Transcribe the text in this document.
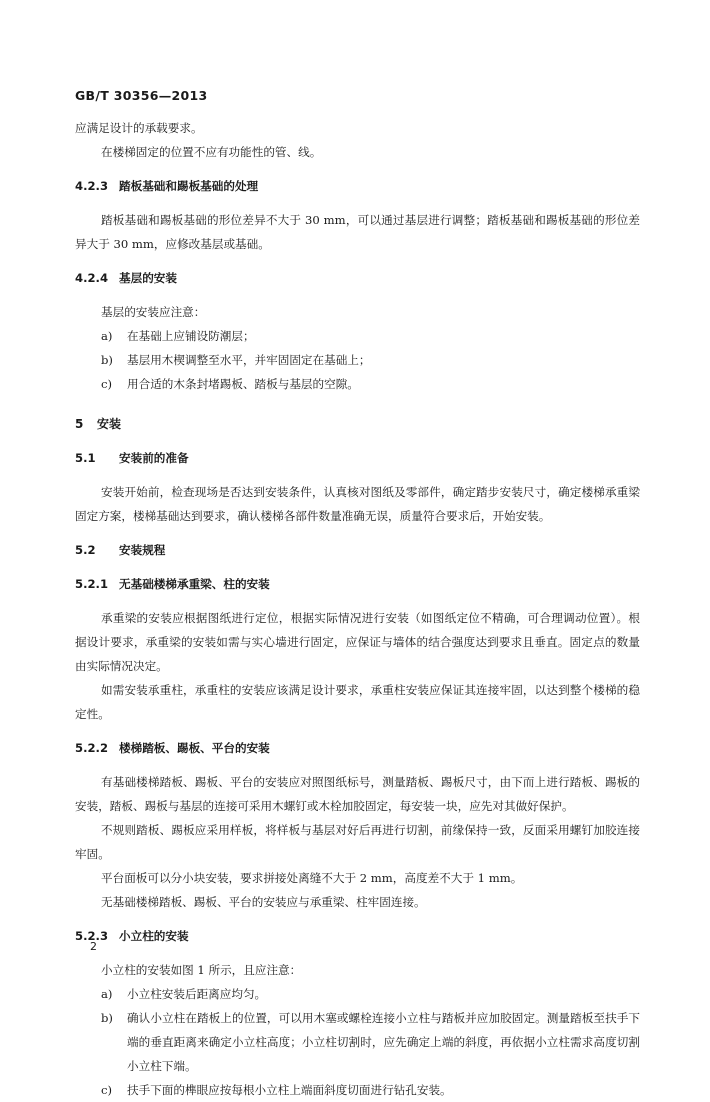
GB/T 30356—2013

应满足设计的承载要求。

在楼梯固定的位置不应有功能性的管、线。

4.2.3 踏板基础和踢板基础的处理

踏板基础和踢板基础的形位差异不大于 30 mm，可以通过基层进行调整；踏板基础和踢板基础的形位差异大于 30 mm，应修改基层或基础。

4.2.4 基层的安装

基层的安装应注意：

a)	在基础上应铺设防潮层；
b)	基层用木楔调整至水平，并牢固固定在基础上；
c)	用合适的木条封堵踢板、踏板与基层的空隙。
5	安装
5.1	安装前的准备

安装开始前，检查现场是否达到安装条件，认真核对图纸及零部件，确定踏步安装尺寸，确定楼梯承重梁固定方案，楼梯基础达到要求，确认楼梯各部件数量准确无误，质量符合要求后，开始安装。

5.2	安装规程
5.2.1 无基础楼梯承重梁、柱的安装

承重梁的安装应根据图纸进行定位，根据实际情况进行安装（如图纸定位不精确，可合理调动位置）。根据设计要求，承重梁的安装如需与实心墙进行固定，应保证与墙体的结合强度达到要求且垂直。固定点的数量由实际情况决定。

如需安装承重柱，承重柱的安装应该满足设计要求，承重柱安装应保证其连接牢固，以达到整个楼梯的稳定性。

5.2.2 楼梯踏板、踢板、平台的安装

有基础楼梯踏板、踢板、平台的安装应对照图纸标号，测量踏板、踢板尺寸，由下而上进行踏板、踢板的安装，踏板、踢板与基层的连接可采用木螺钉或木栓加胶固定，每安装一块，应先对其做好保护。

不规则踏板、踢板应采用样板，将样板与基层对好后再进行切割，前缘保持一致，反面采用螺钉加胶连接牢固。

平台面板可以分小块安装，要求拼接处离缝不大于 2 mm，高度差不大于 1 mm。

无基础楼梯踏板、踢板、平台的安装应与承重梁、柱牢固连接。

5.2.3 小立柱的安装

小立柱的安装如图 1 所示，且应注意：

a)	小立柱安装后距离应均匀。
b)	确认小立柱在踏板上的位置，可以用木塞或螺栓连接小立柱与踏板并应加胶固定。测量踏板至扶手下端的垂直距离来确定小立柱高度；小立柱切割时，应先确定上端的斜度，再依据小立柱需求高度切割小立柱下端。
c)	扶手下面的榫眼应按每根小立柱上端面斜度切面进行钻孔安装。
2
